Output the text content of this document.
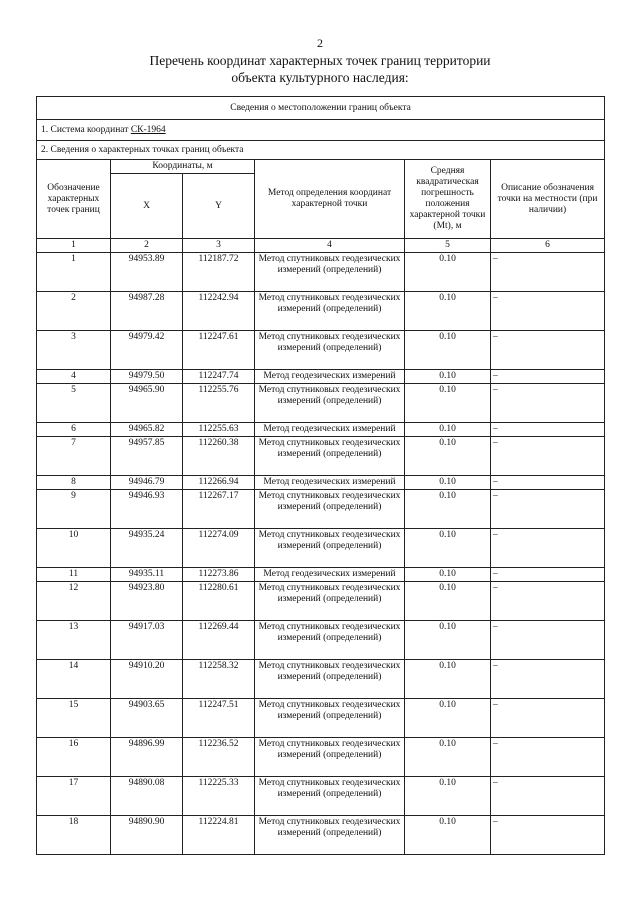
2
Перечень координат характерных точек границ территории
объекта культурного наследия:
Сведения о местоположении границ объекта					
1. Система координат СК-1964					
2. Сведения о характерных точках границ объекта					
Обозначение характерных точек границ	Координаты, м		Метод определения координат характерной точки	Средняя квадратическая погрешность положения характерной точки (Mt), м	Описание обозначения точки на местности (при наличии)
	X	Y			
1	2	3	4	5	6
1	94953.89	112187.72	Метод спутниковых геодезических измерений (определений)	0.10	–
2	94987.28	112242.94	Метод спутниковых геодезических измерений (определений)	0.10	–
3	94979.42	112247.61	Метод спутниковых геодезических измерений (определений)	0.10	–
4	94979.50	112247.74	Метод геодезических измерений	0.10	–
5	94965.90	112255.76	Метод спутниковых геодезических измерений (определений)	0.10	–
6	94965.82	112255.63	Метод геодезических измерений	0.10	–
7	94957.85	112260.38	Метод спутниковых геодезических измерений (определений)	0.10	–
8	94946.79	112266.94	Метод геодезических измерений	0.10	–
9	94946.93	112267.17	Метод спутниковых геодезических измерений (определений)	0.10	–
10	94935.24	112274.09	Метод спутниковых геодезических измерений (определений)	0.10	–
11	94935.11	112273.86	Метод геодезических измерений	0.10	–
12	94923.80	112280.61	Метод спутниковых геодезических измерений (определений)	0.10	–
13	94917.03	112269.44	Метод спутниковых геодезических измерений (определений)	0.10	–
14	94910.20	112258.32	Метод спутниковых геодезических измерений (определений)	0.10	–
15	94903.65	112247.51	Метод спутниковых геодезических измерений (определений)	0.10	–
16	94896.99	112236.52	Метод спутниковых геодезических измерений (определений)	0.10	–
17	94890.08	112225.33	Метод спутниковых геодезических измерений (определений)	0.10	–
18	94890.90	112224.81	Метод спутниковых геодезических измерений (определений)	0.10	–
